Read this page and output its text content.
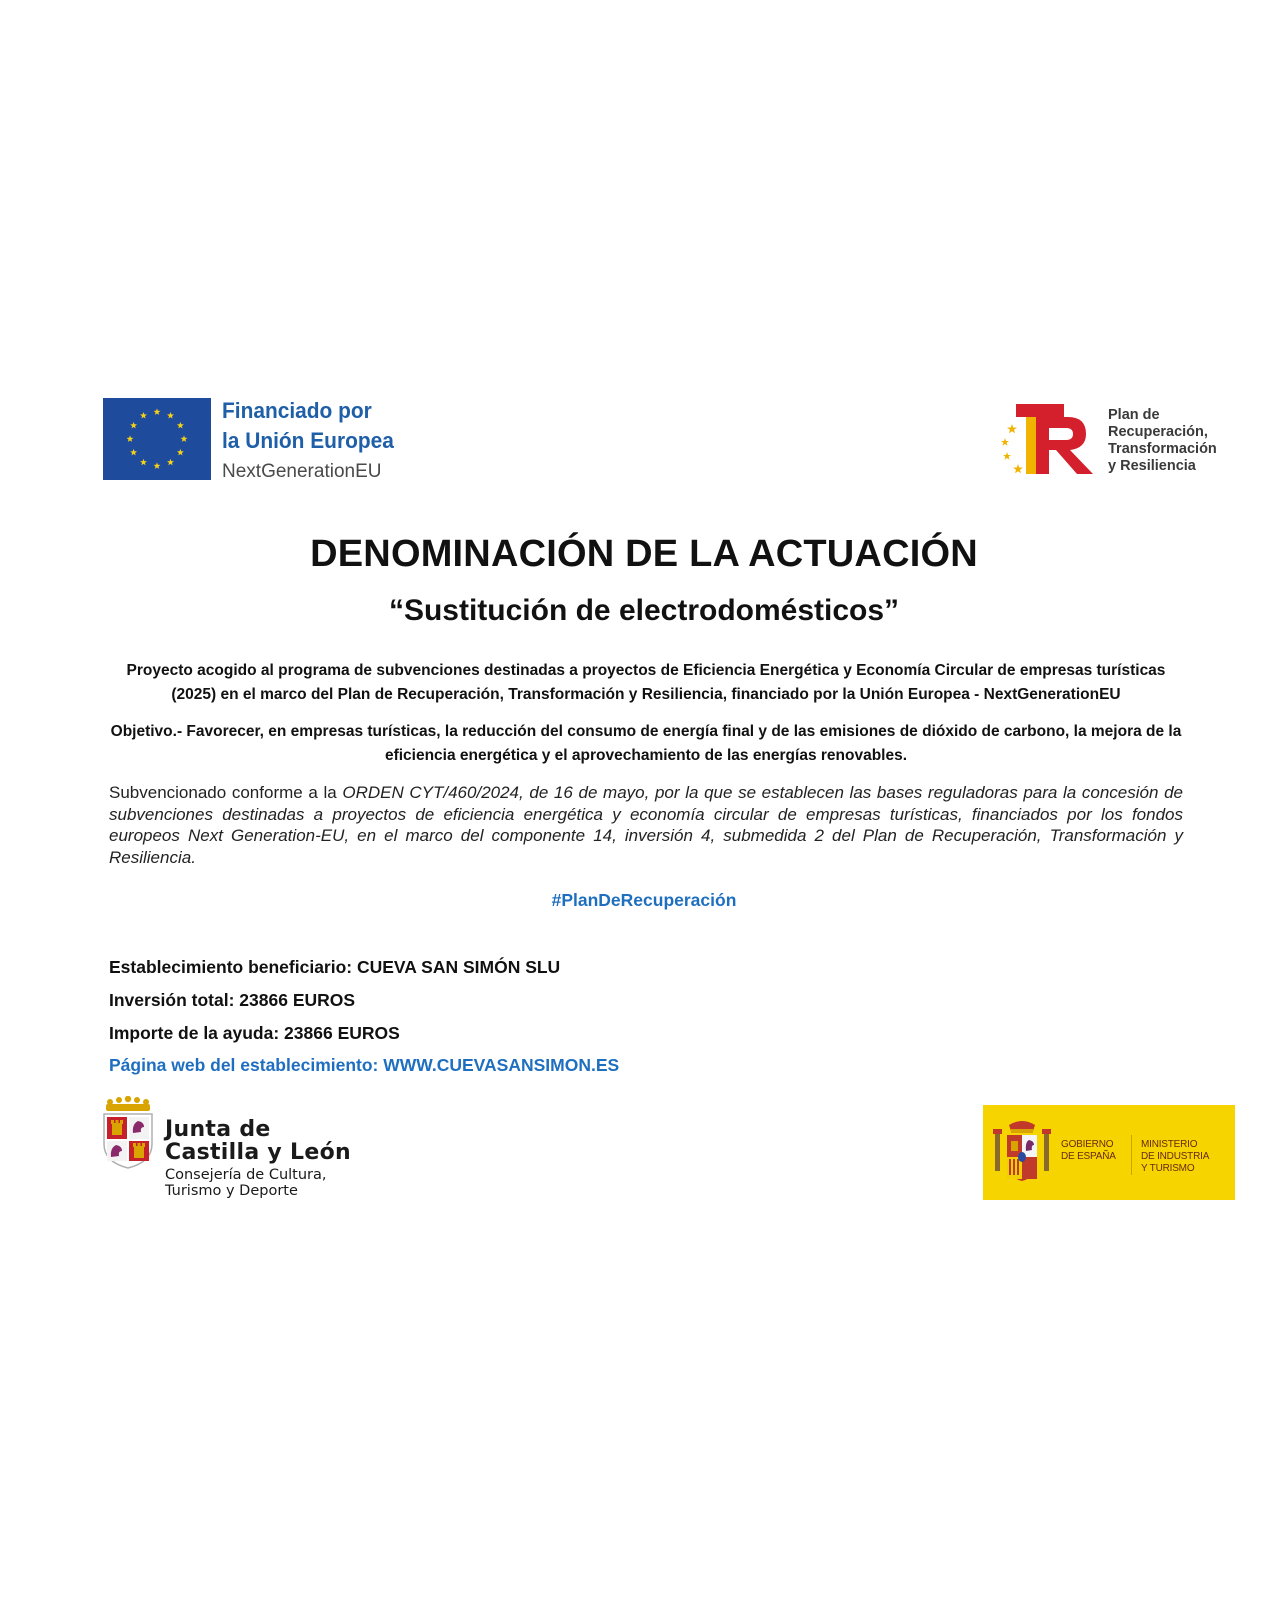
Financiado por
la Unión Europea
NextGenerationEU
Plan de
Recuperación,
Transformación
y Resiliencia
DENOMINACIÓN DE LA ACTUACIÓN
“Sustitución de electrodomésticos”
Proyecto acogido al programa de subvenciones destinadas a proyectos de Eficiencia Energética y Economía Circular de empresas turísticas (2025) en el marco del Plan de Recuperación, Transformación y Resiliencia, financiado por la Unión Europea - NextGenerationEU
Objetivo.- Favorecer, en empresas turísticas, la reducción del consumo de energía final y de las emisiones de dióxido de carbono, la mejora de la eficiencia energética y el aprovechamiento de las energías renovables.
Subvencionado conforme a la ORDEN CYT/460/2024, de 16 de mayo, por la que se establecen las bases reguladoras para la concesión de subvenciones destinadas a proyectos de eficiencia energética y economía circular de empresas turísticas, financiados por los fondos europeos Next Generation-EU, en el marco del componente 14, inversión 4, submedida 2 del Plan de Recuperación, Transformación y Resiliencia.
#PlanDeRecuperación
Establecimiento beneficiario: CUEVA SAN SIMÓN SLU
Inversión total: 23866 EUROS
Importe de la ayuda: 23866 EUROS
Página web del establecimiento: WWW.CUEVASANSIMON.ES
Junta de
Castilla y León
Consejería de Cultura,
Turismo y Deporte
GOBIERNO
DE ESPAÑA
MINISTERIO
DE INDUSTRIA
Y TURISMO
